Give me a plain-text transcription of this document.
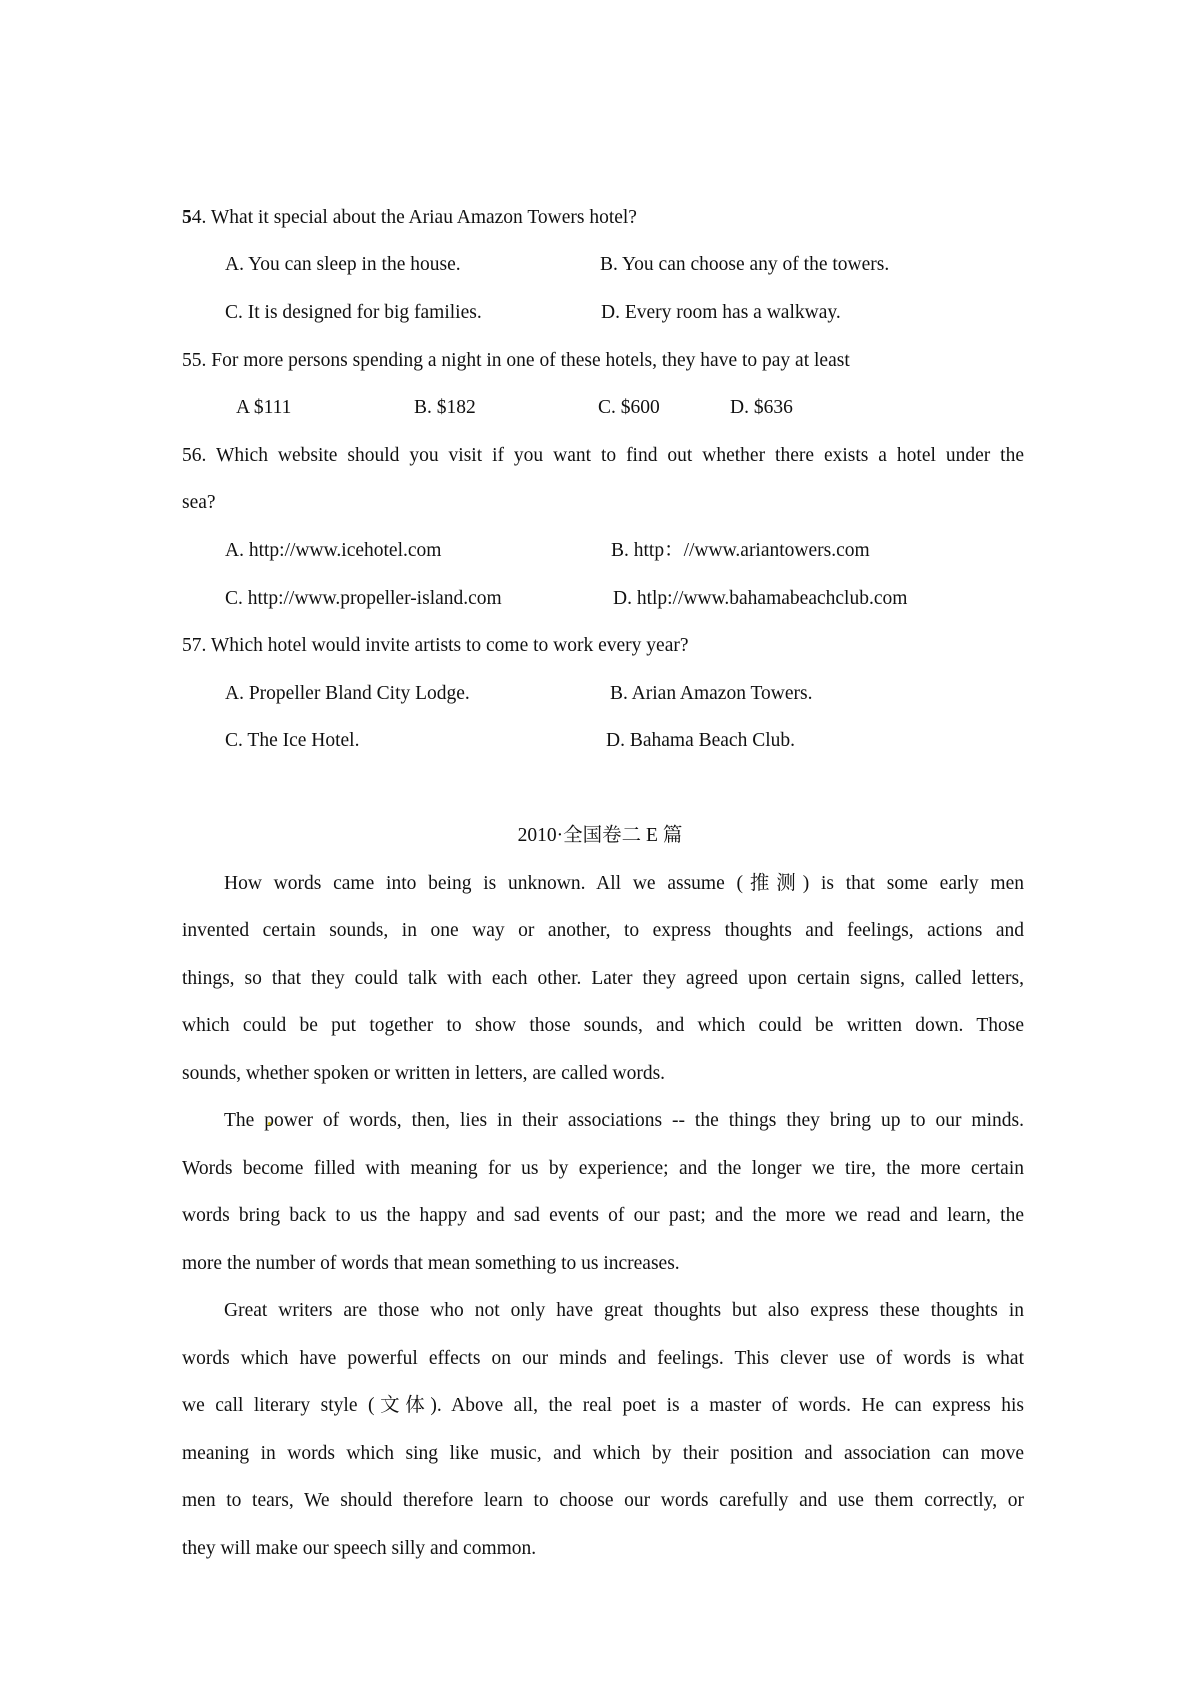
54. What it special about the Ariau Amazon Towers hotel?
A. You can sleep in the house.	B. You can choose any of the towers.
C. It is designed for big families.	D. Every room has a walkway.
55. For more persons spending a night in one of these hotels, they have to pay at least
A $111	B. $182	C. $600	D. $636
56. Which website should you visit if you want to find out whether there exists a hotel under the
sea?
A. http://www.icehotel.com	B. http：//www.ariantowers.com
C. http://www.propeller-island.com	D. htlp://www.bahamabeachclub.com
57. Which hotel would invite artists to come to work every year?
A. Propeller Bland City Lodge.	B. Arian Amazon Towers.
C. The Ice Hotel.	D. Bahama Beach Club.
2010·全国卷二 E 篇
How words came into being is unknown. All we assume (推测) is that some early men
invented certain sounds, in one way or another, to express thoughts and feelings, actions and
things, so that they could talk with each other. Later they agreed upon certain signs, called letters,
which could be put together to show those sounds, and which could be written down. Those
sounds, whether spoken or written in letters, are called words.
The power of words, then, lies in their associations -- the things they bring up to our minds.
Words become filled with meaning for us by experience; and the longer we tire, the more certain
words bring back to us the happy and sad events of our past; and the more we read and learn, the
more the number of words that mean something to us increases.
Great writers are those who not only have great thoughts but also express these thoughts in
words which have powerful effects on our minds and feelings. This clever use of words is what
we call literary style (文体). Above all, the real poet is a master of words. He can express his
meaning in words which sing like music, and which by their position and association can move
men to tears, We should therefore learn to choose our words carefully and use them correctly, or
they will make our speech silly and common.
